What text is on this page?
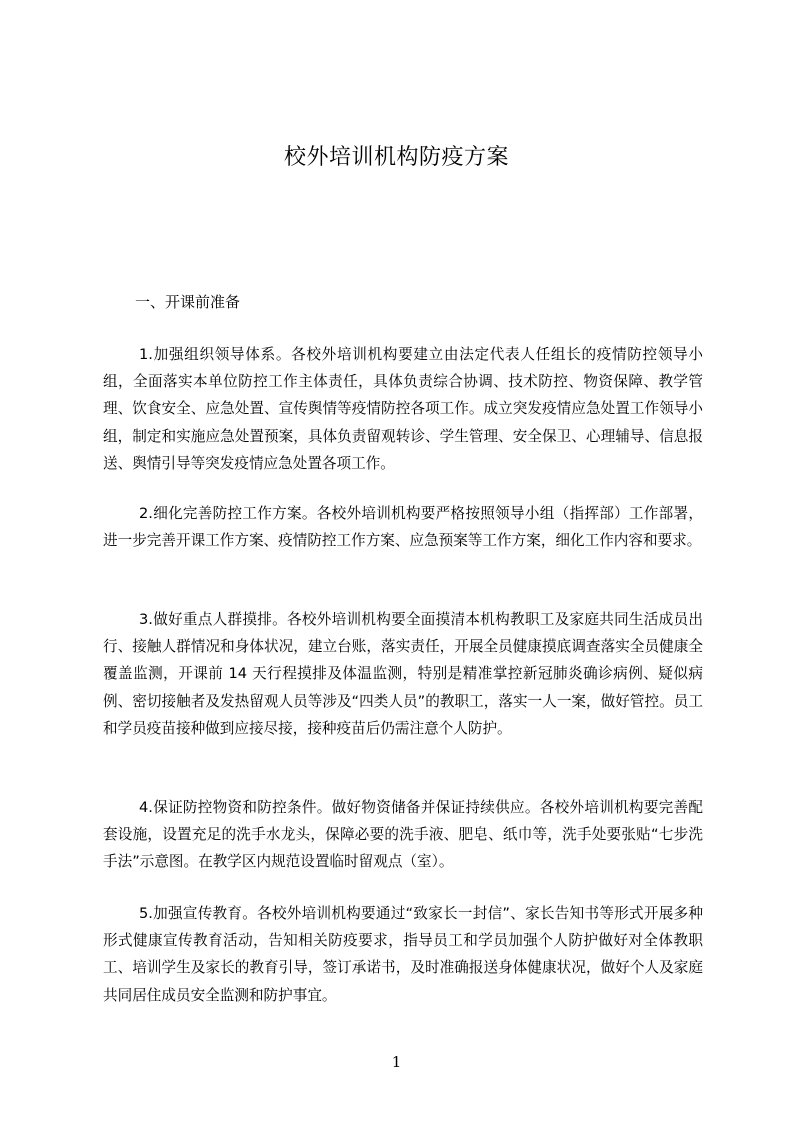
校外培训机构防疫方案
一、开课前准备
1.加强组织领导体系。各校外培训机构要建立由法定代表人任组长的疫情防控领导小组，全面落实本单位防控工作主体责任，具体负责综合协调、技术防控、物资保障、教学管理、饮食安全、应急处置、宣传舆情等疫情防控各项工作。成立突发疫情应急处置工作领导小组，制定和实施应急处置预案，具体负责留观转诊、学生管理、安全保卫、心理辅导、信息报送、舆情引导等突发疫情应急处置各项工作。
2.细化完善防控工作方案。各校外培训机构要严格按照领导小组（指挥部）工作部署，进一步完善开课工作方案、疫情防控工作方案、应急预案等工作方案，细化工作内容和要求。
3.做好重点人群摸排。各校外培训机构要全面摸清本机构教职工及家庭共同生活成员出行、接触人群情况和身体状况，建立台账，落实责任，开展全员健康摸底调查落实全员健康全覆盖监测，开课前 14 天行程摸排及体温监测，特别是精准掌控新冠肺炎确诊病例、疑似病例、密切接触者及发热留观人员等涉及“四类人员”的教职工，落实一人一案，做好管控。员工和学员疫苗接种做到应接尽接，接种疫苗后仍需注意个人防护。
4.保证防控物资和防控条件。做好物资储备并保证持续供应。各校外培训机构要完善配套设施，设置充足的洗手水龙头，保障必要的洗手液、肥皂、纸巾等，洗手处要张贴“七步洗手法”示意图。在教学区内规范设置临时留观点（室）。
5.加强宣传教育。各校外培训机构要通过“致家长一封信”、家长告知书等形式开展多种形式健康宣传教育活动，告知相关防疫要求，指导员工和学员加强个人防护做好对全体教职工、培训学生及家长的教育引导，签订承诺书，及时准确报送身体健康状况，做好个人及家庭共同居住成员安全监测和防护事宜。
1
